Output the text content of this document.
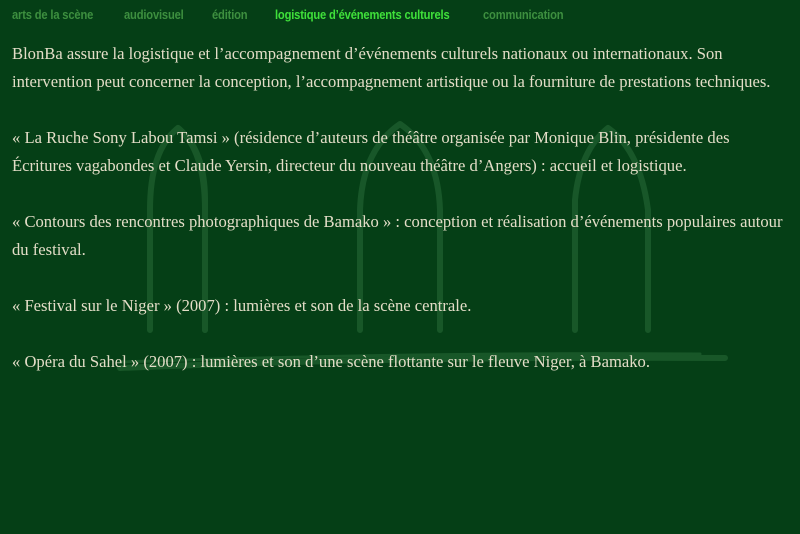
arts de la scène	audiovisuel	édition	logistique d’événements culturels	communication

BlonBa assure la logistique et l’accompagnement d’événements culturels nationaux ou internationaux. Son intervention peut concerner la conception, l’accompagnement artistique ou la fourniture de prestations techniques.

« La Ruche Sony Labou Tamsi » (résidence d’auteurs de théâtre organisée par Monique Blin, présidente des Écritures vagabondes et Claude Yersin, directeur du nouveau théâtre d’Angers) : accueil et logistique.

« Contours des rencontres photographiques de Bamako » : conception et réalisation d’événements populaires autour du festival.

« Festival sur le Niger » (2007) : lumières et son de la scène centrale.

« Opéra du Sahel » (2007) : lumières et son d’une scène flottante sur le fleuve Niger, à Bamako.
